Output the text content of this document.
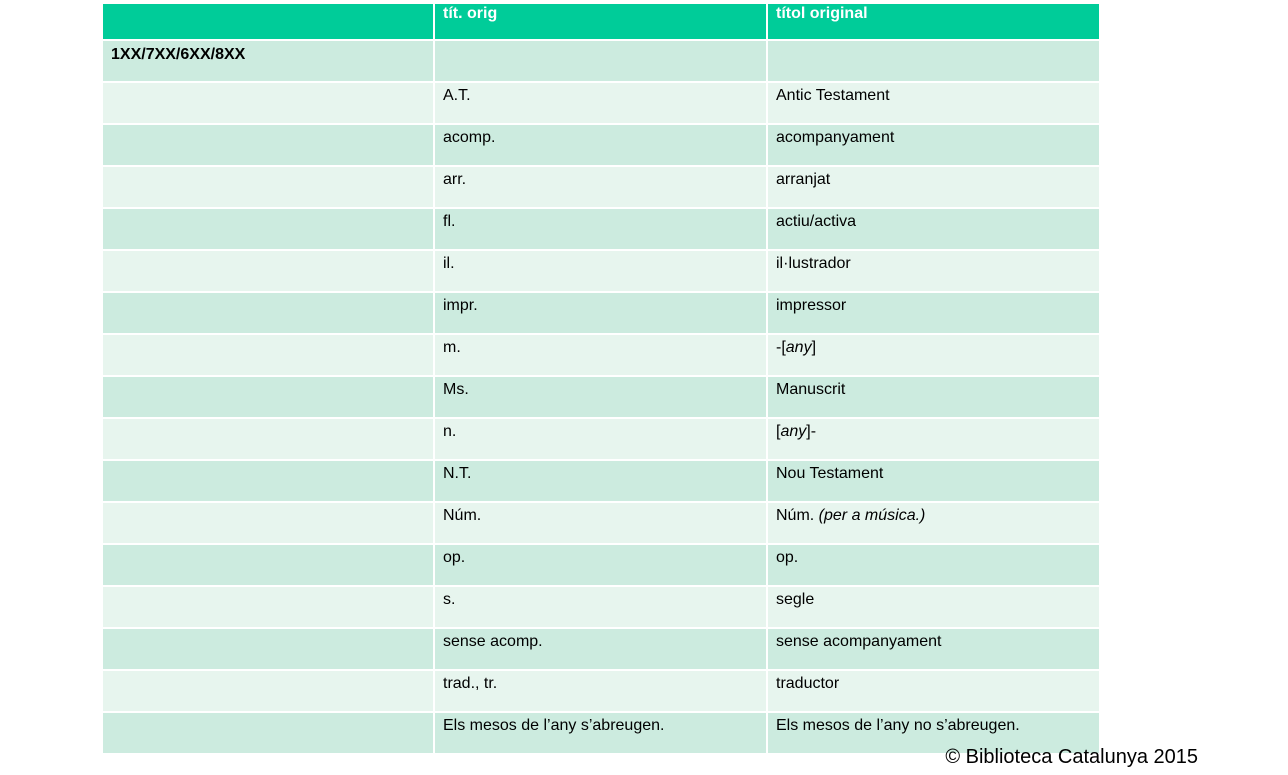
	tít. orig	títol original
1XX/7XX/6XX/8XX		
	A.T.	Antic Testament
	acomp.	acompanyament
	arr.	arranjat
	fl.	actiu/activa
	il.	il·lustrador
	impr.	impressor
	m.	-[any]
	Ms.	Manuscrit
	n.	[any]-
	N.T.	Nou Testament
	Núm.	Núm. (per a música.)
	op.	op.
	s.	segle
	sense acomp.	sense acompanyament
	trad., tr.	traductor
	Els mesos de l’any s’abreugen.	Els mesos de l’any no s’abreugen.
© Biblioteca Catalunya 2015
